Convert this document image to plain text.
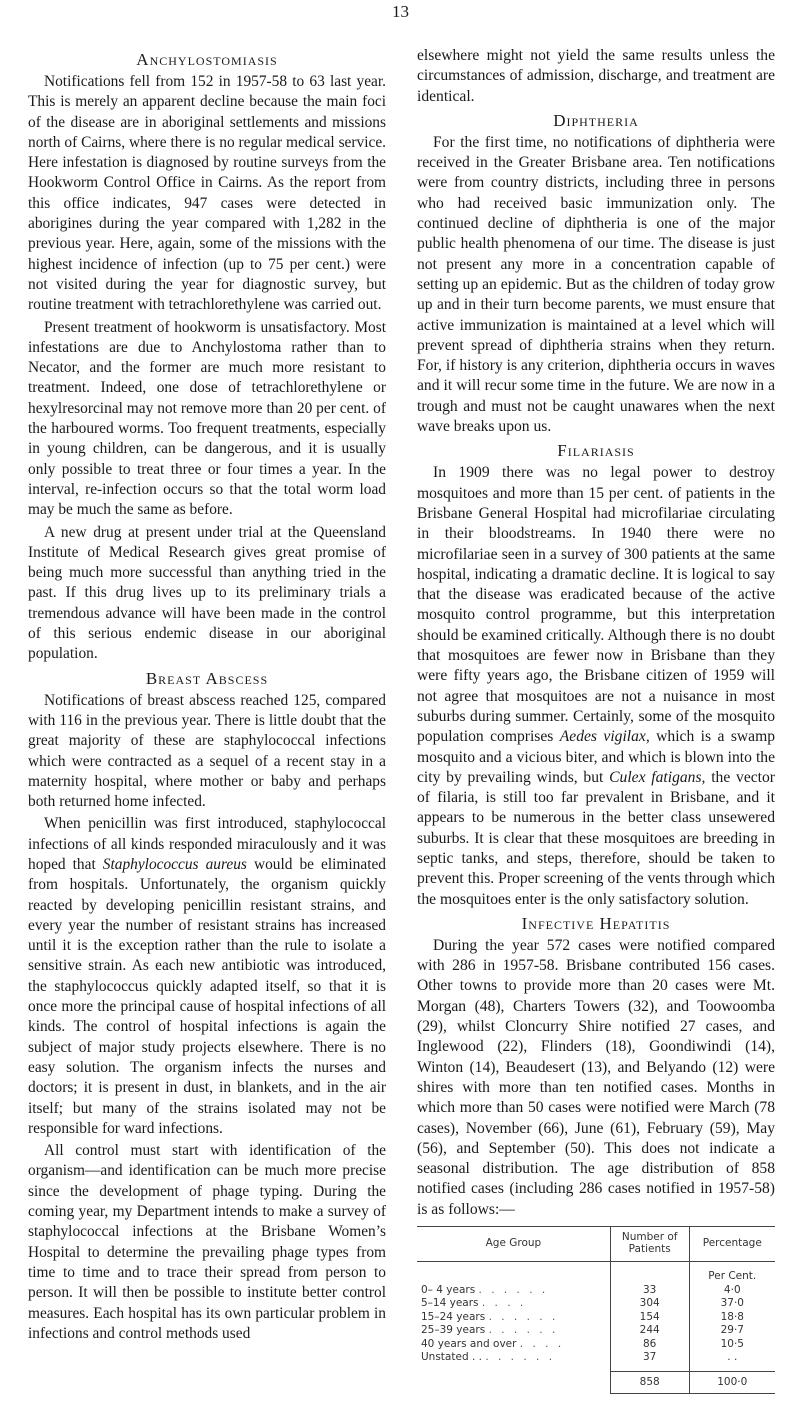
13
Anchylostomiasis

Notifications fell from 152 in 1957-58 to 63 last year. This is merely an apparent decline because the main foci of the disease are in aboriginal settlements and missions north of Cairns, where there is no regular medical service. Here infestation is diagnosed by routine surveys from the Hookworm Control Office in Cairns. As the report from this office indicates, 947 cases were detected in aborigines during the year compared with 1,282 in the previous year. Here, again, some of the missions with the highest incidence of infection (up to 75 per cent.) were not visited during the year for diagnostic survey, but routine treatment with tetrachlorethylene was carried out.

Present treatment of hookworm is unsatisfactory. Most infestations are due to Anchylostoma rather than to Necator, and the former are much more resistant to treatment. Indeed, one dose of tetrachlorethylene or hexylresorcinal may not remove more than 20 per cent. of the harboured worms. Too frequent treatments, especially in young children, can be dangerous, and it is usually only possible to treat three or four times a year. In the interval, re-infection occurs so that the total worm load may be much the same as before.

A new drug at present under trial at the Queensland Institute of Medical Research gives great promise of being much more successful than anything tried in the past. If this drug lives up to its preliminary trials a tremendous advance will have been made in the control of this serious endemic disease in our aboriginal population.

Breast Abscess

Notifications of breast abscess reached 125, compared with 116 in the previous year. There is little doubt that the great majority of these are staphylococcal infections which were contracted as a sequel of a recent stay in a maternity hospital, where mother or baby and perhaps both returned home infected.

When penicillin was first introduced, staphylococcal infections of all kinds responded miraculously and it was hoped that Staphylococcus aureus would be eliminated from hospitals. Unfortunately, the organism quickly reacted by developing penicillin resistant strains, and every year the number of resistant strains has increased until it is the exception rather than the rule to isolate a sensitive strain. As each new antibiotic was introduced, the staphylococcus quickly adapted itself, so that it is once more the principal cause of hospital infections of all kinds. The control of hospital infections is again the subject of major study projects elsewhere. There is no easy solution. The organism infects the nurses and doctors; it is present in dust, in blankets, and in the air itself; but many of the strains isolated may not be responsible for ward infections.

All control must start with identification of the organism—and identification can be much more precise since the development of phage typing. During the coming year, my Department intends to make a survey of staphylococcal infections at the Brisbane Women’s Hospital to determine the prevailing phage types from time to time and to trace their spread from person to person. It will then be possible to institute better control measures. Each hospital has its own particular problem in infections and control methods used

elsewhere might not yield the same results unless the circumstances of admission, discharge, and treatment are identical.

Diphtheria

For the first time, no notifications of diphtheria were received in the Greater Brisbane area. Ten notifications were from country districts, including three in persons who had received basic immunization only. The continued decline of diphtheria is one of the major public health phenomena of our time. The disease is just not present any more in a concentration capable of setting up an epidemic. But as the children of today grow up and in their turn become parents, we must ensure that active immunization is maintained at a level which will prevent spread of diphtheria strains when they return. For, if history is any criterion, diphtheria occurs in waves and it will recur some time in the future. We are now in a trough and must not be caught unawares when the next wave breaks upon us.

Filariasis

In 1909 there was no legal power to destroy mosquitoes and more than 15 per cent. of patients in the Brisbane General Hospital had microfilariae circulating in their bloodstreams. In 1940 there were no microfilariae seen in a survey of 300 patients at the same hospital, indicating a dramatic decline. It is logical to say that the disease was eradicated because of the active mosquito control programme, but this interpretation should be examined critically. Although there is no doubt that mosquitoes are fewer now in Brisbane than they were fifty years ago, the Brisbane citizen of 1959 will not agree that mosquitoes are not a nuisance in most suburbs during summer. Certainly, some of the mosquito population comprises Aedes vigilax, which is a swamp mosquito and a vicious biter, and which is blown into the city by prevailing winds, but Culex fatigans, the vector of filaria, is still too far prevalent in Brisbane, and it appears to be numerous in the better class unsewered suburbs. It is clear that these mosquitoes are breeding in septic tanks, and steps, therefore, should be taken to prevent this. Proper screening of the vents through which the mosquitoes enter is the only satisfactory solution.

Infective Hepatitis

During the year 572 cases were notified compared with 286 in 1957-58. Brisbane contributed 156 cases. Other towns to provide more than 20 cases were Mt. Morgan (48), Charters Towers (32), and Toowoomba (29), whilst Cloncurry Shire notified 27 cases, and Inglewood (22), Flinders (18), Goondiwindi (14), Winton (14), Beaudesert (13), and Belyando (12) were shires with more than ten notified cases. Months in which more than 50 cases were notified were March (78 cases), November (66), June (61), February (59), May (56), and September (50). This does not indicate a seasonal distribution. The age distribution of 858 notified cases (including 286 cases notified in 1957-58) is as follows:—

Age Group	Number of Patients	Percentage
		Per Cent.
0– 4 years . . . . . .	33	4·0
5–14 years . . . .	304	37·0
15–24 years . . . . . .	154	18·8
25–39 years . . . . . .	244	29·7
40 years and over . . . .	86	10·5
Unstated . . . . . . . .	37	. .
	858	100·0
